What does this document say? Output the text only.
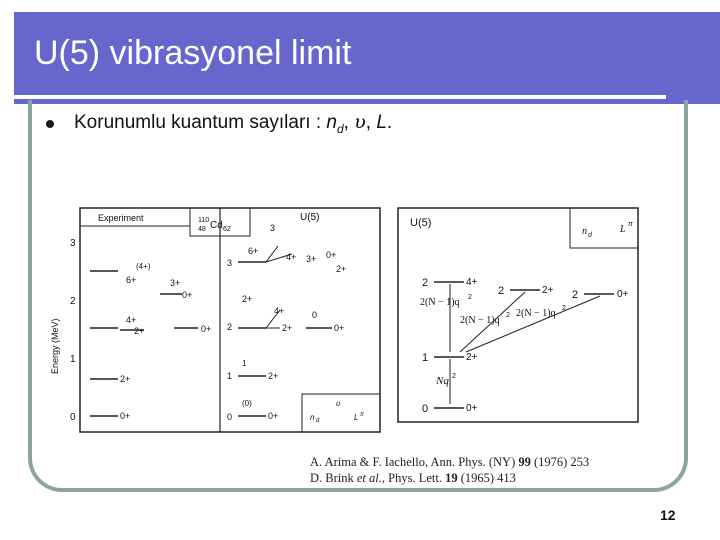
U(5) vibrasyonel limit
Korunumlu kuantum sayıları : $n_d$, υ, L.
Experiment	110
48 Cd 62
U(5)
Energy (MeV)
0
1
2
3
0+
2+
2+
4+
0+
3+
0+
6+
(4+)
0
(0)
0+
1
1
2+
2	2+
4+
2+
0
0+
3
3
6+
4+ 3+ 0+
2+
n d
υ
L π
U(5)
n d
L π
2	4+
2(N − 1)q 2
2	2+
2(N − 1)q 2
2	0+
2(N − 1)q 2
1	2+
Nq 2
0	0+
A. Arima & F. Iachello, Ann. Phys. (NY) 99 (1976) 253
D. Brink et al., Phys. Lett. 19 (1965) 413
12
